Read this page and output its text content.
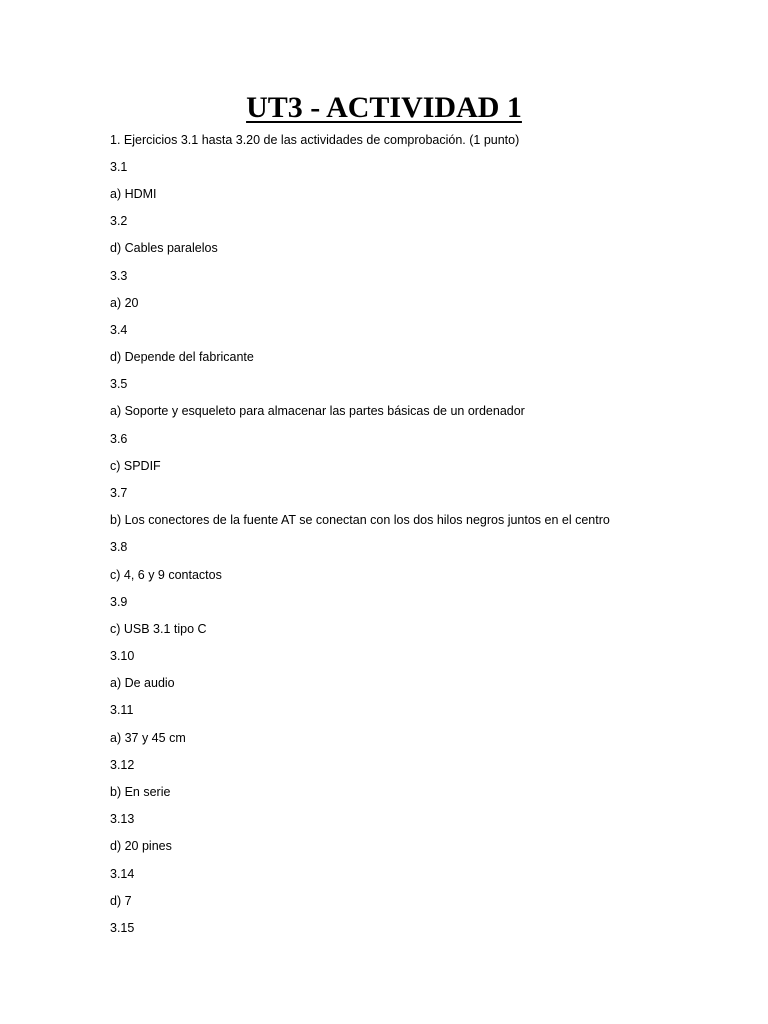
UT3 - ACTIVIDAD 1

1. Ejercicios 3.1 hasta 3.20 de las actividades de comprobación. (1 punto)

3.1

a) HDMI

3.2

d) Cables paralelos

3.3

a) 20

3.4

d) Depende del fabricante

3.5

a) Soporte y esqueleto para almacenar las partes básicas de un ordenador

3.6

c) SPDIF

3.7

b) Los conectores de la fuente AT se conectan con los dos hilos negros juntos en el centro

3.8

c) 4, 6 y 9 contactos

3.9

c) USB 3.1 tipo C

3.10

a) De audio

3.11

a) 37 y 45 cm

3.12

b) En serie

3.13

d) 20 pines

3.14

d) 7

3.15
